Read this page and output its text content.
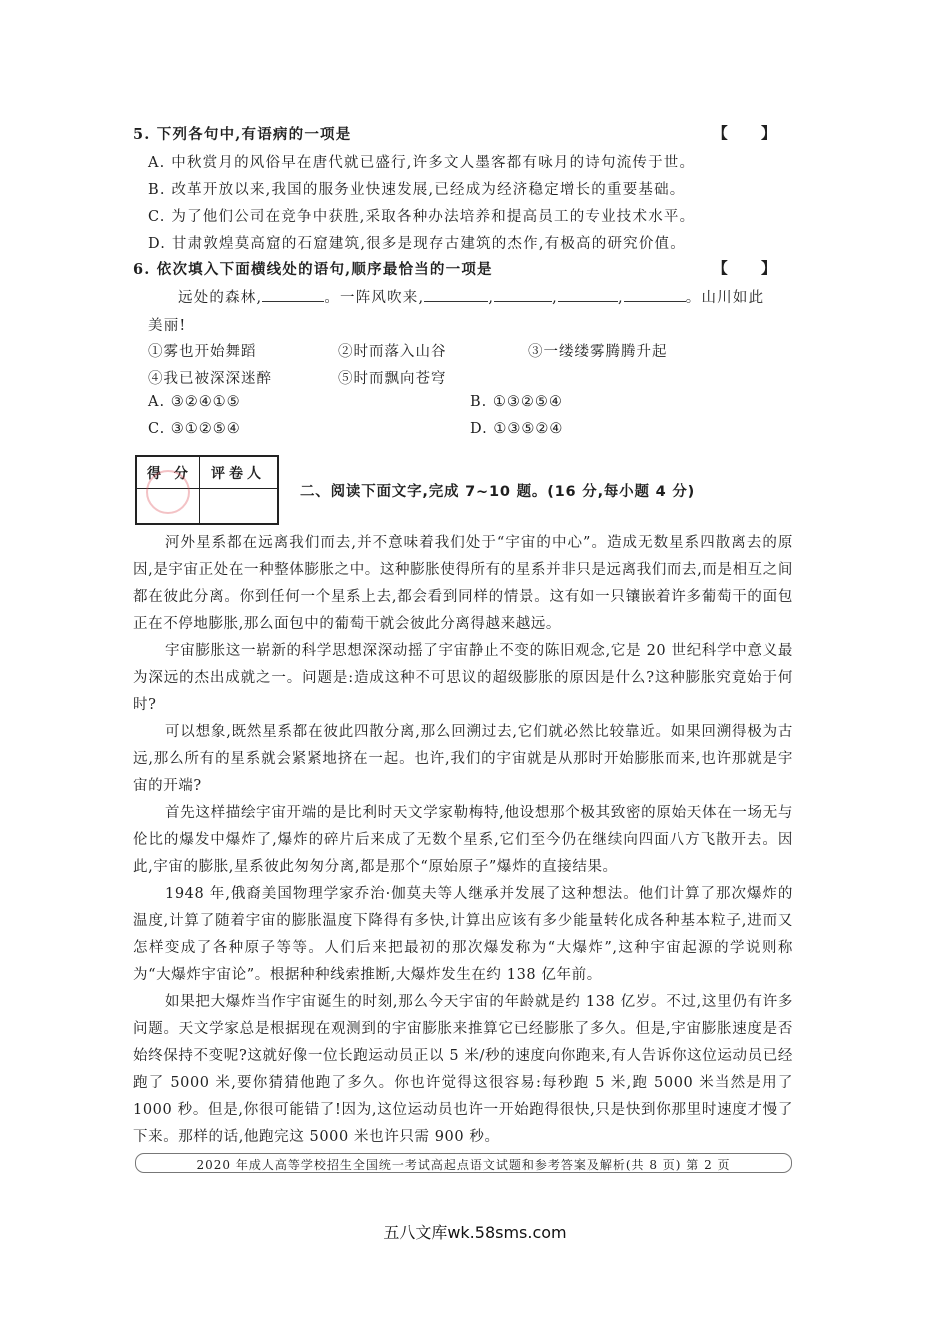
5. 下列各句中,有语病的一项是	【 】
A. 中秋赏月的风俗早在唐代就已盛行,许多文人墨客都有咏月的诗句流传于世。
B. 改革开放以来,我国的服务业快速发展,已经成为经济稳定增长的重要基础。
C. 为了他们公司在竞争中获胜,采取各种办法培养和提高员工的专业技术水平。
D. 甘肃敦煌莫高窟的石窟建筑,很多是现存古建筑的杰作,有极高的研究价值。
6. 依次填入下面横线处的语句,顺序最恰当的一项是	【 】
远处的森林,	。一阵风吹来,	,	,	,	。山川如此
美丽!
①雾也开始舞蹈	②时而落入山谷	③一缕缕雾腾腾升起
④我已被深深迷醉	⑤时而飘向苍穹
A. ③②④①⑤	B. ①③②⑤④
C. ③①②⑤④	D. ①③⑤②④
得 分 评卷人
二、阅读下面文字,完成 7~10 题。(16 分,每小题 4 分)

河外星系都在远离我们而去,并不意味着我们处于“宇宙的中心”。造成无数星系四散离去的原因,是宇宙正处在一种整体膨胀之中。这种膨胀使得所有的星系并非只是远离我们而去,而是相互之间都在彼此分离。你到任何一个星系上去,都会看到同样的情景。这有如一只镶嵌着许多葡萄干的面包正在不停地膨胀,那么面包中的葡萄干就会彼此分离得越来越远。

宇宙膨胀这一崭新的科学思想深深动摇了宇宙静止不变的陈旧观念,它是 20 世纪科学中意义最为深远的杰出成就之一。问题是:造成这种不可思议的超级膨胀的原因是什么?这种膨胀究竟始于何时?

可以想象,既然星系都在彼此四散分离,那么回溯过去,它们就必然比较靠近。如果回溯得极为古远,那么所有的星系就会紧紧地挤在一起。也许,我们的宇宙就是从那时开始膨胀而来,也许那就是宇宙的开端?

首先这样描绘宇宙开端的是比利时天文学家勒梅特,他设想那个极其致密的原始天体在一场无与伦比的爆发中爆炸了,爆炸的碎片后来成了无数个星系,它们至今仍在继续向四面八方飞散开去。因此,宇宙的膨胀,星系彼此匆匆分离,都是那个“原始原子”爆炸的直接结果。

1948 年,俄裔美国物理学家乔治·伽莫夫等人继承并发展了这种想法。他们计算了那次爆炸的温度,计算了随着宇宙的膨胀温度下降得有多快,计算出应该有多少能量转化成各种基本粒子,进而又怎样变成了各种原子等等。人们后来把最初的那次爆发称为“大爆炸”,这种宇宙起源的学说则称为“大爆炸宇宙论”。根据种种线索推断,大爆炸发生在约 138 亿年前。

如果把大爆炸当作宇宙诞生的时刻,那么今天宇宙的年龄就是约 138 亿岁。不过,这里仍有许多问题。天文学家总是根据现在观测到的宇宙膨胀来推算它已经膨胀了多久。但是,宇宙膨胀速度是否始终保持不变呢?这就好像一位长跑运动员正以 5 米/秒的速度向你跑来,有人告诉你这位运动员已经跑了 5000 米,要你猜猜他跑了多久。你也许觉得这很容易:每秒跑 5 米,跑 5000 米当然是用了 1000 秒。但是,你很可能错了!因为,这位运动员也许一开始跑得很快,只是快到你那里时速度才慢了下来。那样的话,他跑完这 5000 米也许只需 900 秒。

2020 年成人高等学校招生全国统一考试高起点语文试题和参考答案及解析(共 8 页) 第 2 页
五八文库wk.58sms.com
